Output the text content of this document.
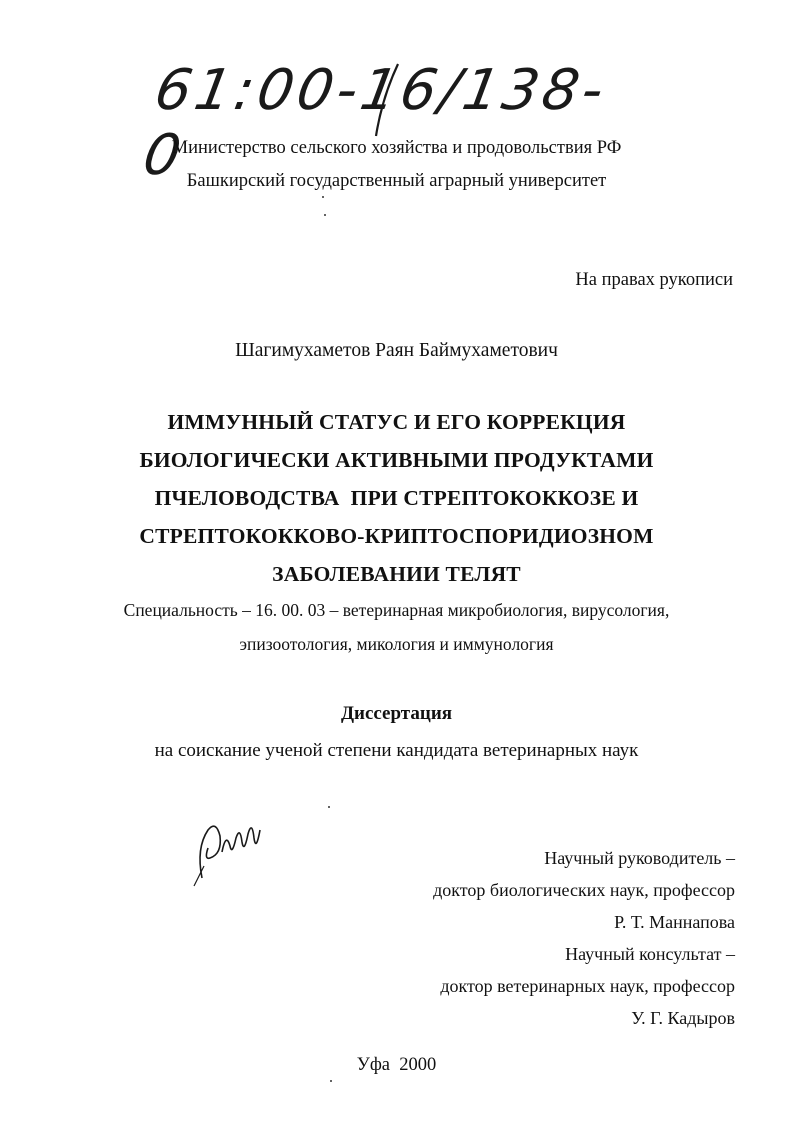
61:00-16/138-0
Министерство сельского хозяйства и продовольствия РФ
Башкирский государственный аграрный университет
На правах рукописи
Шагимухаметов Раян Баймухаметович
ИММУННЫЙ СТАТУС И ЕГО КОРРЕКЦИЯ
БИОЛОГИЧЕСКИ АКТИВНЫМИ ПРОДУКТАМИ
ПЧЕЛОВОДСТВА  ПРИ СТРЕПТОКОККОЗЕ И
СТРЕПТОКОККОВО-КРИПТОСПОРИДИОЗНОМ
ЗАБОЛЕВАНИИ ТЕЛЯТ
Специальность – 16. 00. 03 – ветеринарная микробиология, вирусология,
эпизоотология, микология и иммунология
Диссертация
на соискание ученой степени кандидата ветеринарных наук
Научный руководитель –
доктор биологических наук, профессор
Р. Т. Маннапова
Научный консультат –
доктор ветеринарных наук, профессор
У. Г. Кадыров
Уфа  2000
